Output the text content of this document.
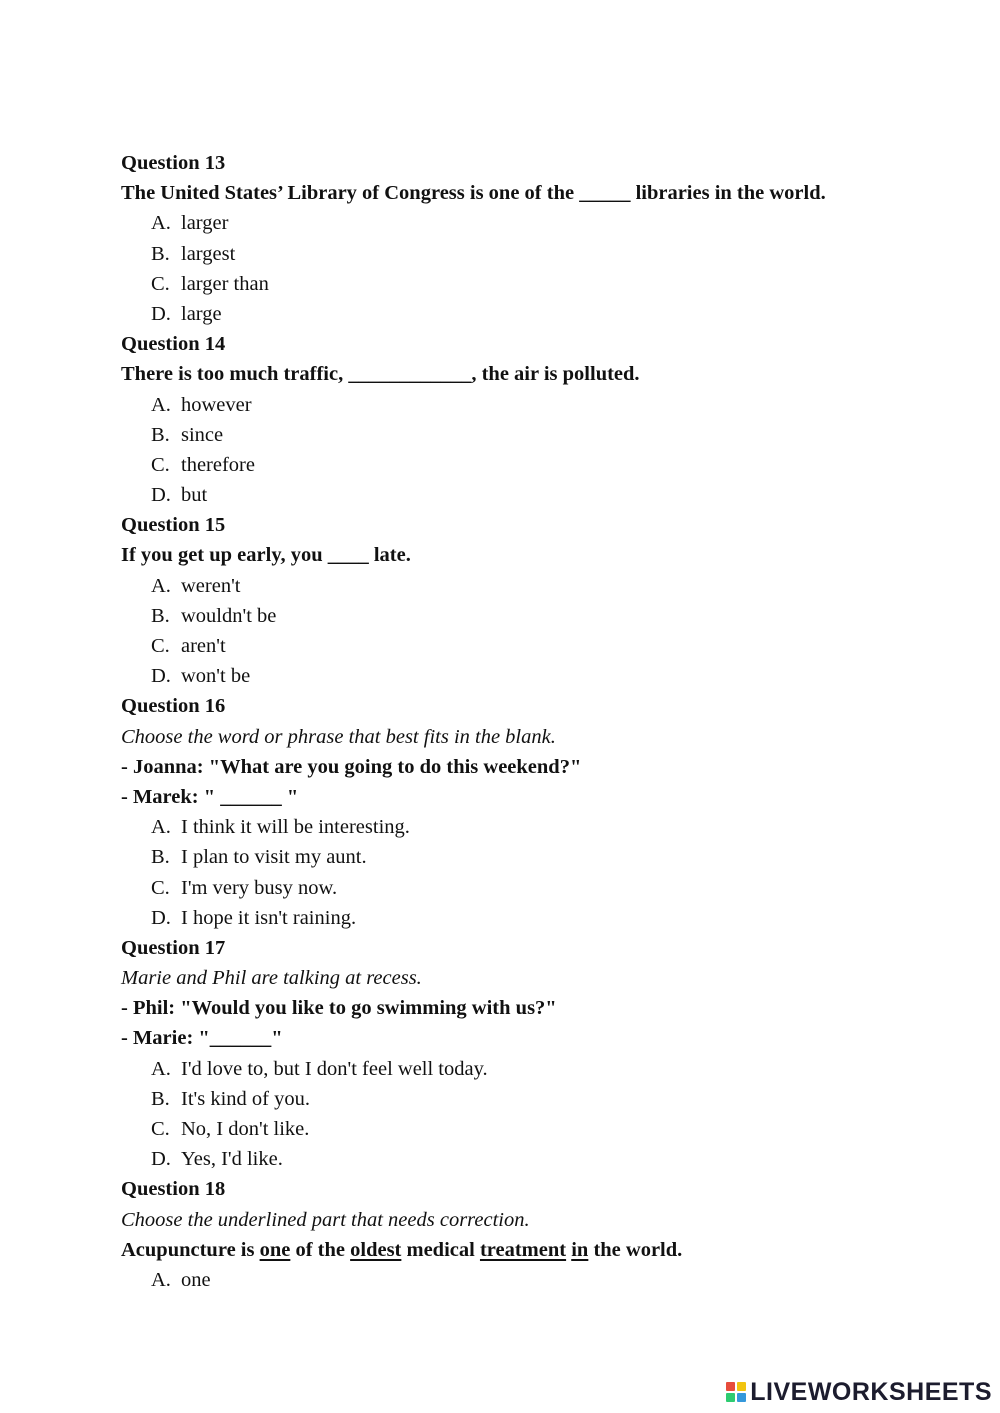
Question 13
The United States’ Library of Congress is one of the _____ libraries in the world.
A. larger
B. largest
C. larger than
D. large
Question 14
There is too much traffic, ____________, the air is polluted.
A. however
B. since
C. therefore
D. but
Question 15
If you get up early, you ____ late.
A. weren't
B. wouldn't be
C. aren't
D. won't be
Question 16
Choose the word or phrase that best fits in the blank.
- Joanna: "What are you going to do this weekend?"
- Marek: " ______ "
A. I think it will be interesting.
B. I plan to visit my aunt.
C. I'm very busy now.
D. I hope it isn't raining.
Question 17
Marie and Phil are talking at recess.
- Phil: "Would you like to go swimming with us?"
- Marie: "______"
A. I'd love to, but I don't feel well today.
B. It's kind of you.
C. No, I don't like.
D. Yes, I'd like.
Question 18
Choose the underlined part that needs correction.
Acupuncture is one of the oldest medical treatment in the world.
A. one
LIVEWORKSHEETS
